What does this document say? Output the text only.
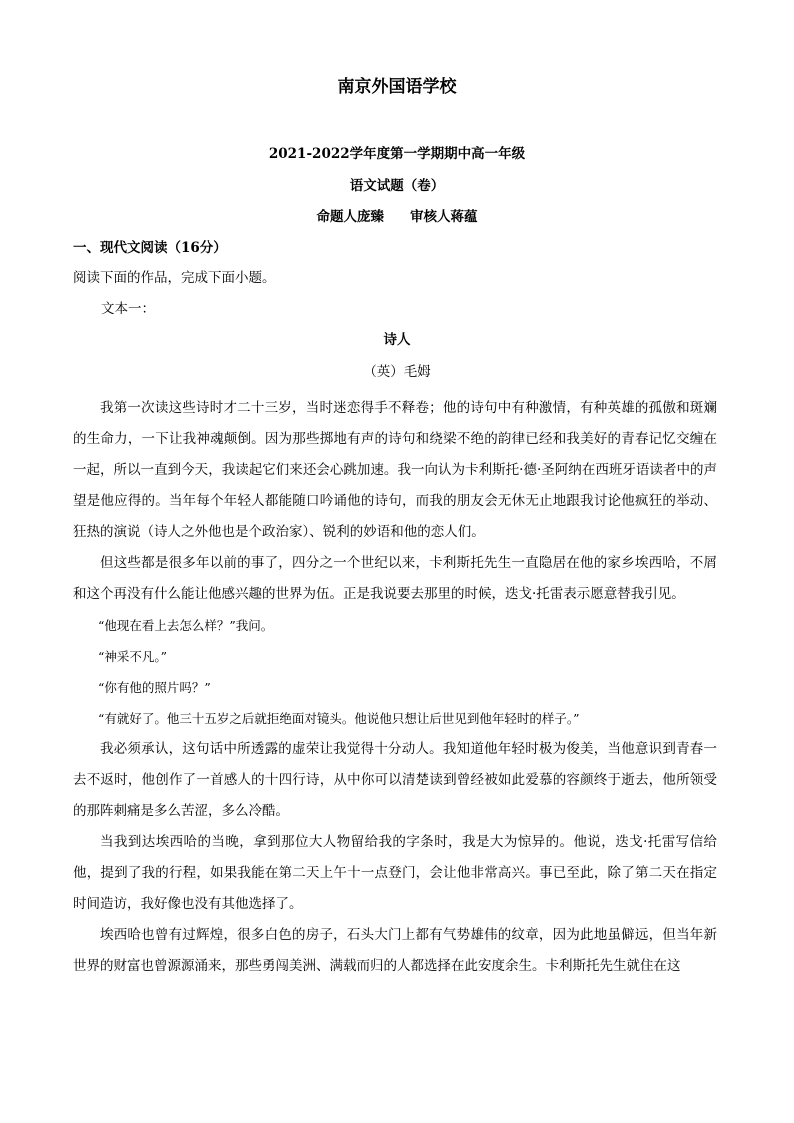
南京外国语学校
2021-2022学年度第一学期期中高一年级
语文试题（卷）
命题人庞臻 审核人蒋蕴
一、现代文阅读（16分）
阅读下面的作品，完成下面小题。
文本一：
诗人
（英）毛姆

我第一次读这些诗时才二十三岁，当时迷恋得手不释卷；他的诗句中有种激情，有种英雄的孤傲和斑斓的生命力，一下让我神魂颠倒。因为那些掷地有声的诗句和绕梁不绝的韵律已经和我美好的青春记忆交缠在一起，所以一直到今天，我读起它们来还会心跳加速。我一向认为卡利斯托·德·圣阿纳在西班牙语读者中的声望是他应得的。当年每个年轻人都能随口吟诵他的诗句，而我的朋友会无休无止地跟我讨论他疯狂的举动、狂热的演说（诗人之外他也是个政治家）、锐利的妙语和他的恋人们。

但这些都是很多年以前的事了，四分之一个世纪以来，卡利斯托先生一直隐居在他的家乡埃西哈，不屑和这个再没有什么能让他感兴趣的世界为伍。正是我说要去那里的时候，迭戈·托雷表示愿意替我引见。

“他现在看上去怎么样？”我问。

“神采不凡。”

“你有他的照片吗？”

“有就好了。他三十五岁之后就拒绝面对镜头。他说他只想让后世见到他年轻时的样子。”

我必须承认，这句话中所透露的虚荣让我觉得十分动人。我知道他年轻时极为俊美，当他意识到青春一去不返时，他创作了一首感人的十四行诗，从中你可以清楚读到曾经被如此爱慕的容颜终于逝去，他所领受的那阵刺痛是多么苦涩，多么冷酷。

当我到达埃西哈的当晚，拿到那位大人物留给我的字条时，我是大为惊异的。他说，迭戈·托雷写信给他，提到了我的行程，如果我能在第二天上午十一点登门，会让他非常高兴。事已至此，除了第二天在指定时间造访，我好像也没有其他选择了。

埃西哈也曾有过辉煌，很多白色的房子，石头大门上都有气势雄伟的纹章，因为此地虽僻远，但当年新世界的财富也曾源源涌来，那些勇闯美洲、满载而归的人都选择在此安度余生。卡利斯托先生就住在这
